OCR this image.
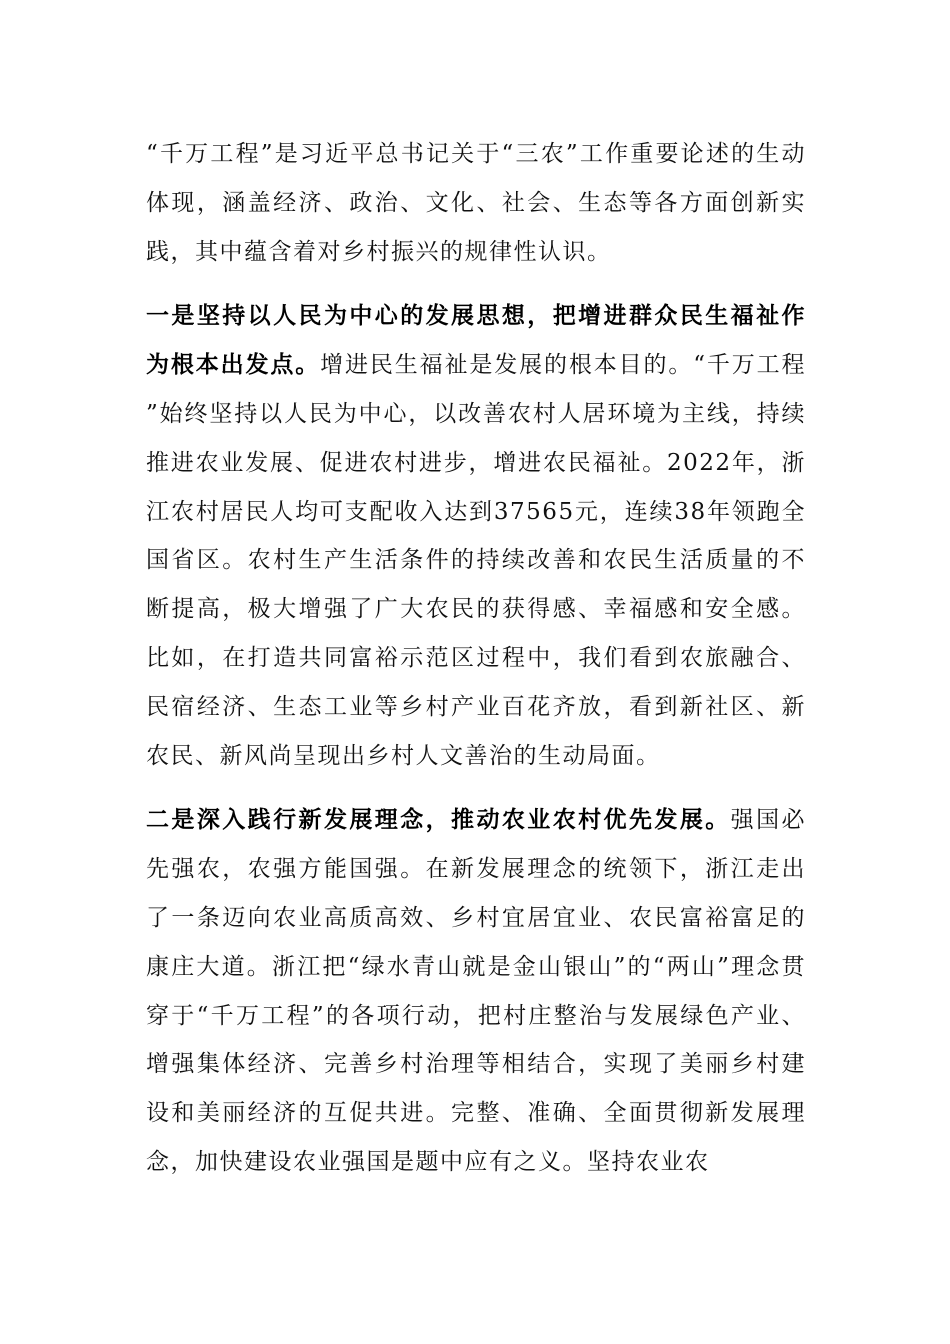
“千万工程”是习近平总书记关于“三农”工作重要论述的生动体现，涵盖经济、政治、文化、社会、生态等各方面创新实践，其中蕴含着对乡村振兴的规律性认识。

一是坚持以人民为中心的发展思想，把增进群众民生福祉作为根本出发点。增进民生福祉是发展的根本目的。“千万工程”始终坚持以人民为中心，以改善农村人居环境为主线，持续推进农业发展、促进农村进步，增进农民福祉。2022年，浙江农村居民人均可支配收入达到37565元，连续38年领跑全国省区。农村生产生活条件的持续改善和农民生活质量的不断提高，极大增强了广大农民的获得感、幸福感和安全感。比如，在打造共同富裕示范区过程中，我们看到农旅融合、民宿经济、生态工业等乡村产业百花齐放，看到新社区、新农民、新风尚呈现出乡村人文善治的生动局面。

二是深入践行新发展理念，推动农业农村优先发展。强国必先强农，农强方能国强。在新发展理念的统领下，浙江走出了一条迈向农业高质高效、乡村宜居宜业、农民富裕富足的康庄大道。浙江把“绿水青山就是金山银山”的“两山”理念贯穿于“千万工程”的各项行动，把村庄整治与发展绿色产业、增强集体经济、完善乡村治理等相结合，实现了美丽乡村建设和美丽经济的互促共进。完整、准确、全面贯彻新发展理念，加快建设农业强国是题中应有之义。坚持农业农
